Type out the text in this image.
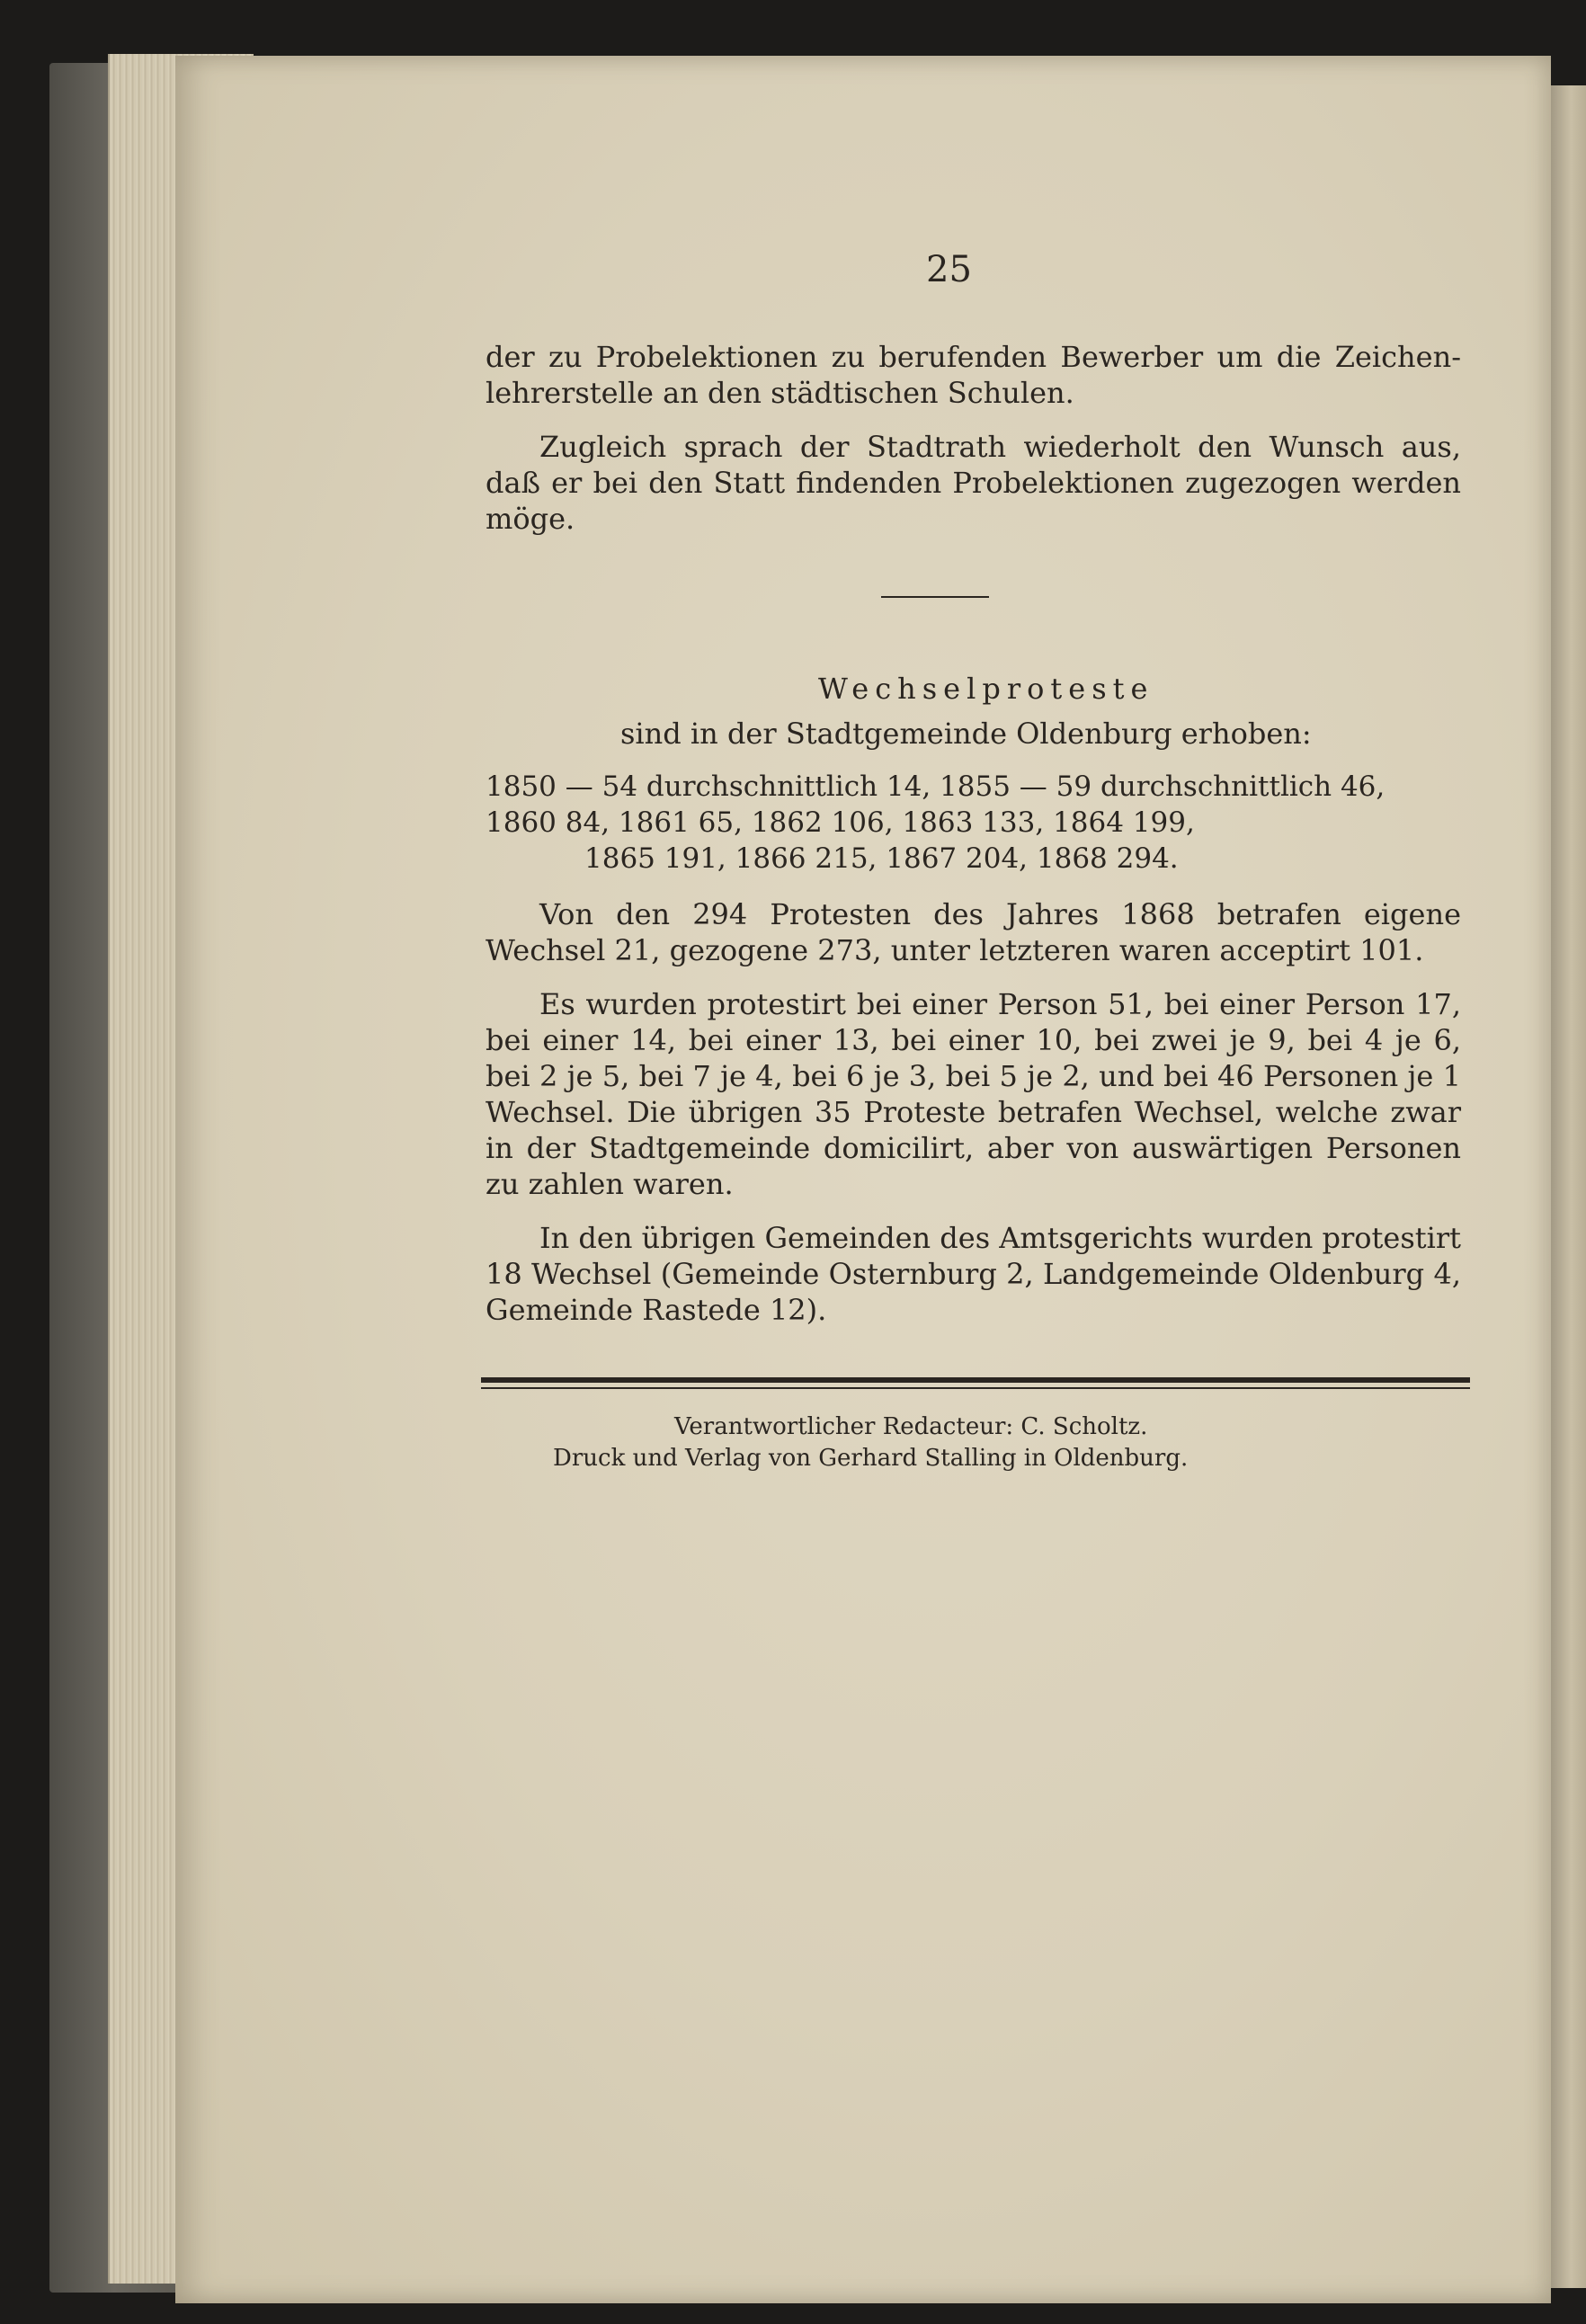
25
der zu Probelektionen zu berufenden Bewerber um die Zeichen-lehrerstelle an den städtischen Schulen.
Zugleich sprach der Stadtrath wiederholt den Wunsch aus, daß er bei den Statt findenden Probelektionen zugezogen werden möge.
Wechselproteste
sind in der Stadtgemeinde Oldenburg erhoben:
1850 — 54 durchschnittlich 14, 1855 — 59 durchschnittlich 46,
1860 84, 1861 65, 1862 106, 1863 133, 1864 199,
1865 191, 1866 215, 1867 204, 1868 294.
Von den 294 Protesten des Jahres 1868 betrafen eigene Wechsel 21, gezogene 273, unter letzteren waren acceptirt 101.
Es wurden protestirt bei einer Person 51, bei einer Person 17, bei einer 14, bei einer 13, bei einer 10, bei zwei je 9, bei 4 je 6, bei 2 je 5, bei 7 je 4, bei 6 je 3, bei 5 je 2, und bei 46 Personen je 1 Wechsel. Die übrigen 35 Proteste betrafen Wechsel, welche zwar in der Stadtgemeinde domicilirt, aber von auswärtigen Personen zu zahlen waren.
In den übrigen Gemeinden des Amtsgerichts wurden protestirt 18 Wechsel (Gemeinde Osternburg 2, Landgemeinde Oldenburg 4, Gemeinde Rastede 12).
Verantwortlicher Redacteur: C. Scholtz.
Druck und Verlag von Gerhard Stalling in Oldenburg.
